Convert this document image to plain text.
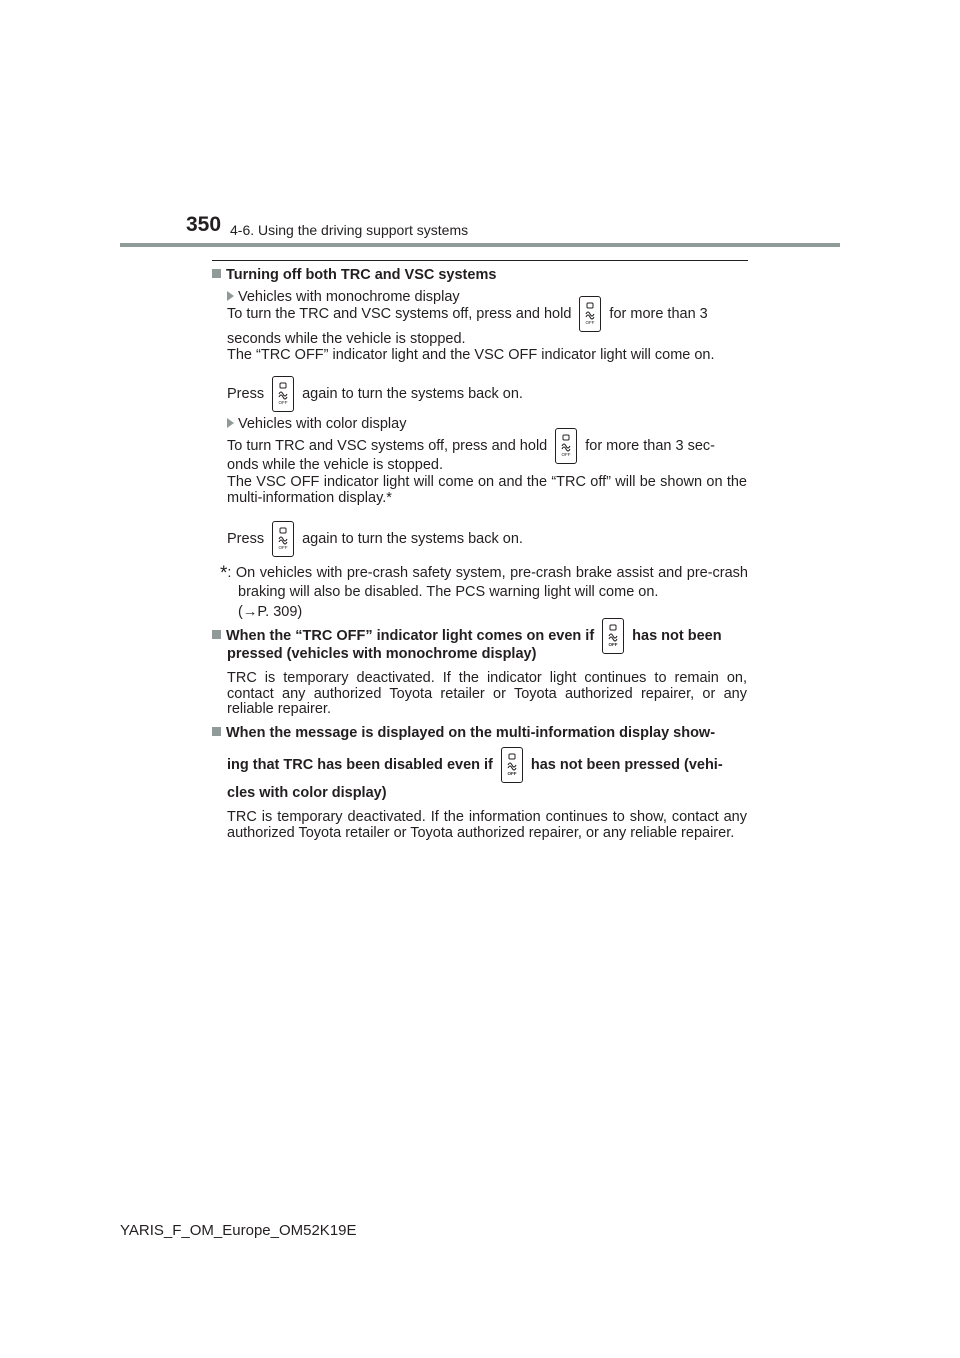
350 4-6. Using the driving support systems
Turning off both TRC and VSC systems
Vehicles with monochrome display
To turn the TRC and VSC systems off, press and hold
OFF
for more than 3
seconds while the vehicle is stopped.
The “TRC OFF” indicator light and the VSC OFF indicator light will come on.
Press
OFF
again to turn the systems back on.
Vehicles with color display
To turn TRC and VSC systems off, press and hold
OFF
for more than 3 sec-
onds while the vehicle is stopped.
The VSC OFF indicator light will come on and the “TRC off” will be shown on the multi-information display.*
Press
OFF
again to turn the systems back on.
*: On vehicles with pre-crash safety system, pre-crash brake assist and pre-crash braking will also be disabled. The PCS warning light will come on.
(→P. 309)
When the “TRC OFF” indicator light comes on even if
OFF
has not been
pressed (vehicles with monochrome display)
TRC is temporary deactivated. If the indicator light continues to remain on, contact any authorized Toyota retailer or Toyota authorized repairer, or any reliable repairer.
When the message is displayed on the multi-information display show-
ing that TRC has been disabled even if
OFF
has not been pressed (vehi-
cles with color display)
TRC is temporary deactivated. If the information continues to show, contact any authorized Toyota retailer or Toyota authorized repairer, or any reliable repairer.
YARIS_F_OM_Europe_OM52K19E
